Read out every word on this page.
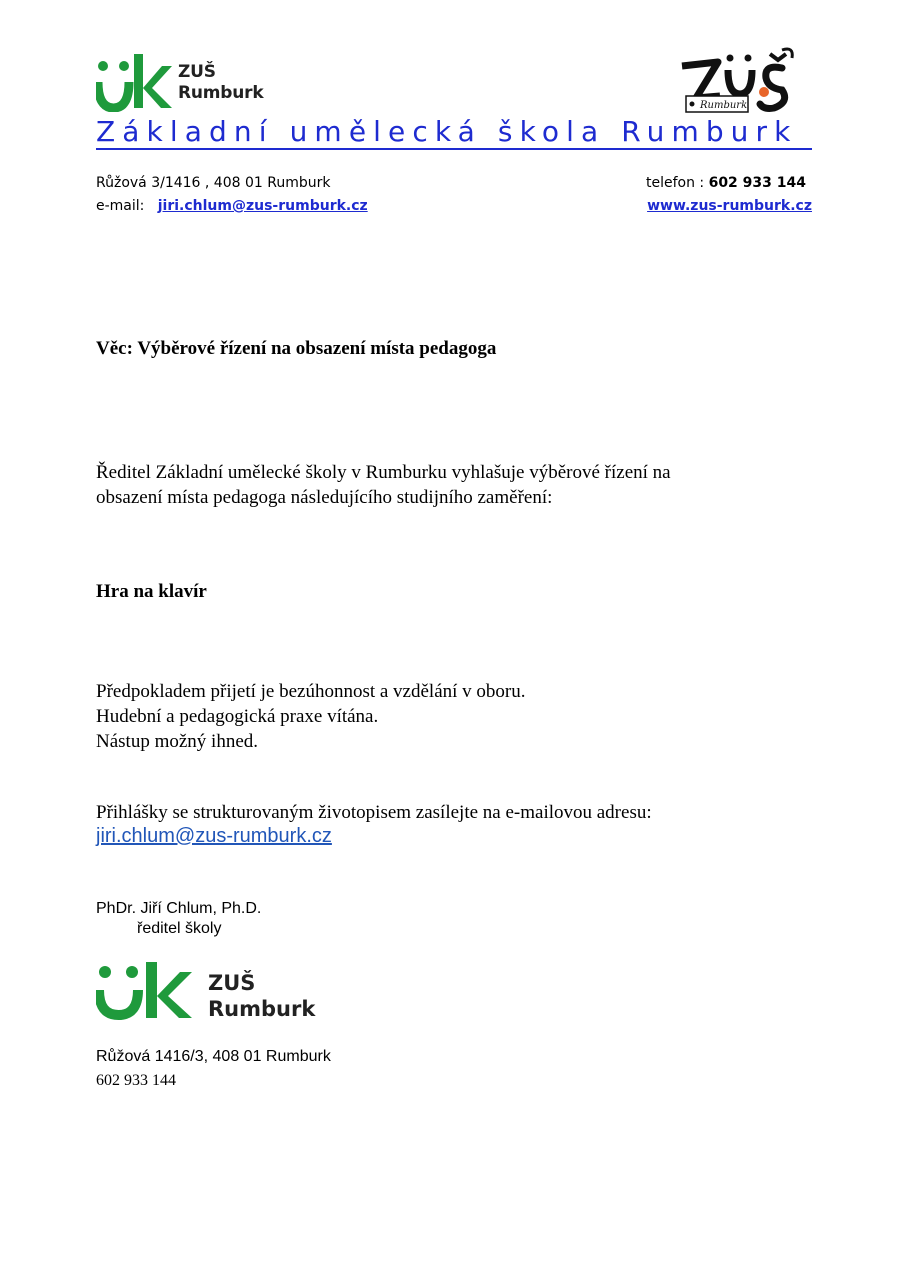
ZUŠ
Rumburk
Rumburk
Základní umělecká škola Rumburk
Růžová 3/1416 , 408 01 Rumburk
e-mail: jiri.chlum@zus-rumburk.cz
telefon : 602 933 144
www.zus-rumburk.cz
Věc: Výběrové řízení na obsazení místa pedagoga
Ředitel Základní umělecké školy v Rumburku vyhlašuje výběrové řízení na
obsazení místa pedagoga následujícího studijního zaměření:
Hra na klavír
Předpokladem přijetí je bezúhonnost a vzdělání v oboru.
Hudební a pedagogická praxe vítána.
Nástup možný ihned.
Přihlášky se strukturovaným životopisem zasílejte na e-mailovou adresu:
jiri.chlum@zus-rumburk.cz
PhDr. Jiří Chlum, Ph.D.
ředitel školy
ZUŠ
Rumburk
Růžová 1416/3, 408 01 Rumburk
602 933 144
